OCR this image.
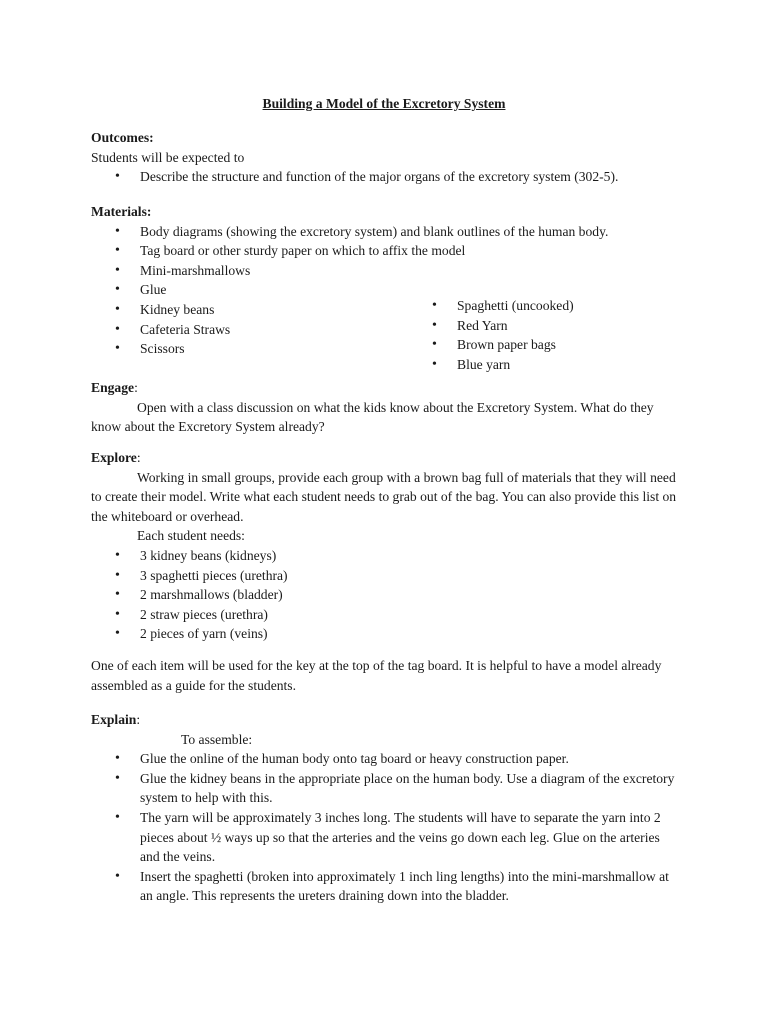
Building a Model of the Excretory System
Outcomes:
Students will be expected to
• Describe the structure and function of the major organs of the excretory system (302-5).
Materials:
• Body diagrams (showing the excretory system) and blank outlines of the human body.
• Tag board or other sturdy paper on which to affix the model
• Mini-marshmallows
• Glue
• Kidney beans
• Cafeteria Straws
• Scissors
• Spaghetti (uncooked)
• Red Yarn
• Brown paper bags
• Blue yarn
Engage:
Open with a class discussion on what the kids know about the Excretory System. What do they know about the Excretory System already?
Explore:
Working in small groups, provide each group with a brown bag full of materials that they will need to create their model. Write what each student needs to grab out of the bag. You can also provide this list on the whiteboard or overhead.
Each student needs:
• 3 kidney beans (kidneys)
• 3 spaghetti pieces (urethra)
• 2 marshmallows (bladder)
• 2 straw pieces (urethra)
• 2 pieces of yarn (veins)
One of each item will be used for the key at the top of the tag board. It is helpful to have a model already assembled as a guide for the students.
Explain:
To assemble:
• Glue the online of the human body onto tag board or heavy construction paper.
• Glue the kidney beans in the appropriate place on the human body. Use a diagram of the excretory system to help with this.
• The yarn will be approximately 3 inches long. The students will have to separate the yarn into 2 pieces about ½ ways up so that the arteries and the veins go down each leg. Glue on the arteries and the veins.
• Insert the spaghetti (broken into approximately 1 inch ling lengths) into the mini-marshmallow at an angle. This represents the ureters draining down into the bladder.
